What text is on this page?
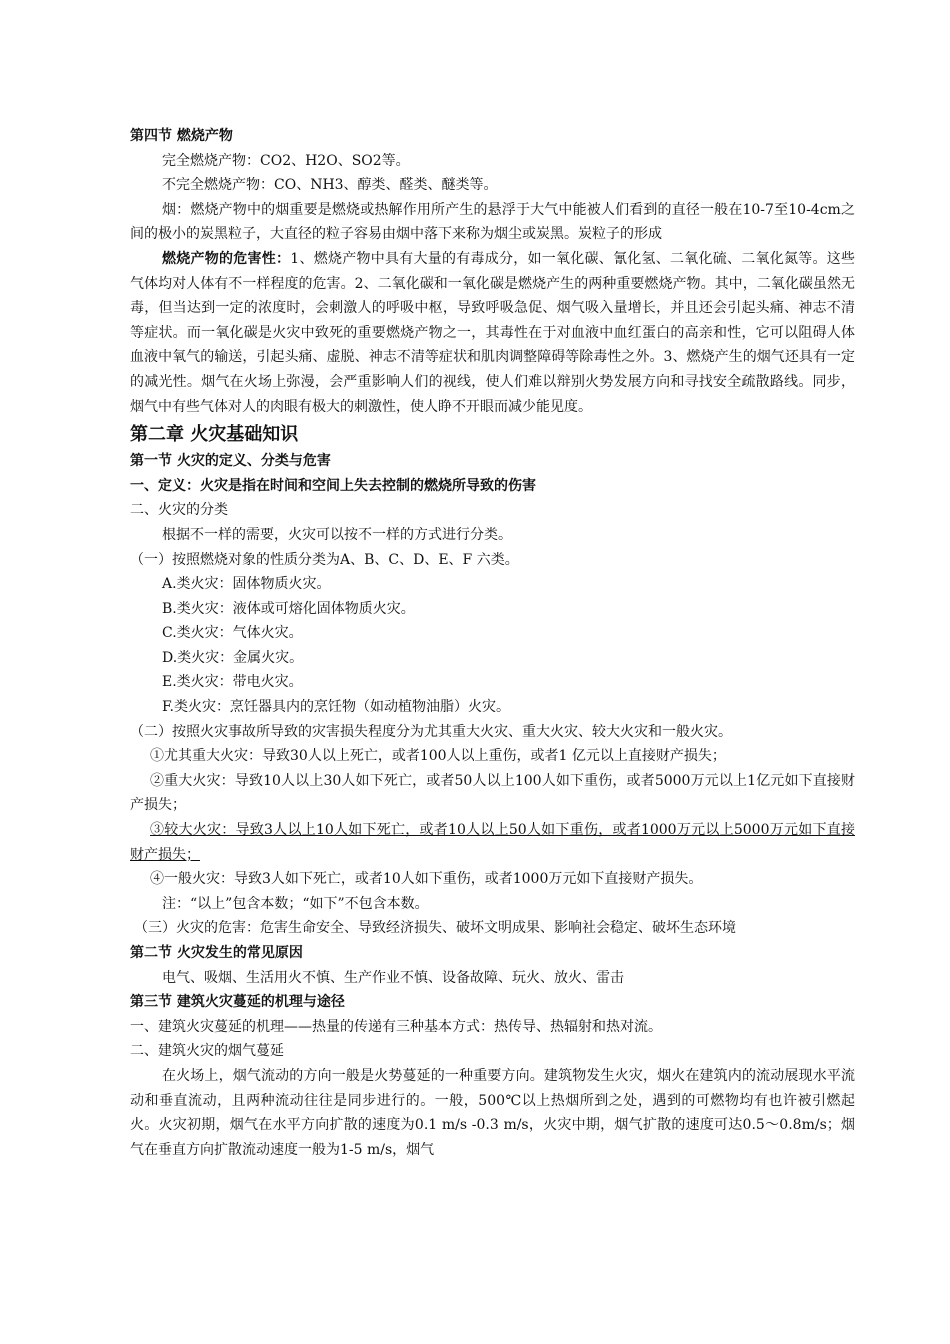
第四节 燃烧产物
完全燃烧产物：CO2、H2O、SO2等。
不完全燃烧产物：CO、NH3、醇类、醛类、醚类等。

烟：燃烧产物中的烟重要是燃烧或热解作用所产生的悬浮于大气中能被人们看到的直径一般在10-7至10-4cm之间的极小的炭黑粒子，大直径的粒子容易由烟中落下来称为烟尘或炭黑。炭粒子的形成

燃烧产物的危害性：1、燃烧产物中具有大量的有毒成分，如一氧化碳、氰化氢、二氧化硫、二氧化氮等。这些气体均对人体有不一样程度的危害。2、二氧化碳和一氧化碳是燃烧产生的两种重要燃烧产物。其中，二氧化碳虽然无毒，但当达到一定的浓度时，会刺激人的呼吸中枢，导致呼吸急促、烟气吸入量增长，并且还会引起头痛、神志不清等症状。而一氧化碳是火灾中致死的重要燃烧产物之一，其毒性在于对血液中血红蛋白的高亲和性，它可以阻碍人体血液中氧气的输送，引起头痛、虚脱、神志不清等症状和肌肉调整障碍等除毒性之外。3、燃烧产生的烟气还具有一定的减光性。烟气在火场上弥漫，会严重影响人们的视线，使人们难以辩别火势发展方向和寻找安全疏散路线。同步，烟气中有些气体对人的肉眼有极大的刺激性，使人睁不开眼而减少能见度。

第二章 火灾基础知识
第一节 火灾的定义、分类与危害
一、定义：火灾是指在时间和空间上失去控制的燃烧所导致的伤害
二、火灾的分类
根据不一样的需要，火灾可以按不一样的方式进行分类。
（一）按照燃烧对象的性质分类为A、B、C、D、E、F 六类。
A.类火灾：固体物质火灾。
B.类火灾：液体或可熔化固体物质火灾。
C.类火灾：气体火灾。
D.类火灾：金属火灾。
E.类火灾：带电火灾。
F.类火灾：烹饪器具内的烹饪物（如动植物油脂）火灾。
（二）按照火灾事故所导致的灾害损失程度分为尤其重大火灾、重大火灾、较大火灾和一般火灾。
①尤其重大火灾：导致30人以上死亡，或者100人以上重伤，或者1 亿元以上直接财产损失；

②重大火灾：导致10人以上30人如下死亡，或者50人以上100人如下重伤，或者5000万元以上1亿元如下直接财产损失；

③较大火灾：导致3人以上10人如下死亡，或者10人以上50人如下重伤，或者1000万元以上5000万元如下直接财产损失；

④一般火灾：导致3人如下死亡，或者10人如下重伤，或者1000万元如下直接财产损失。
注：“以上”包含本数；“如下”不包含本数。
（三）火灾的危害：危害生命安全、导致经济损失、破坏文明成果、影响社会稳定、破坏生态环境
第二节 火灾发生的常见原因
电气、吸烟、生活用火不慎、生产作业不慎、设备故障、玩火、放火、雷击
第三节 建筑火灾蔓延的机理与途径
一、建筑火灾蔓延的机理——热量的传递有三种基本方式：热传导、热辐射和热对流。
二、建筑火灾的烟气蔓延

在火场上，烟气流动的方向一般是火势蔓延的一种重要方向。建筑物发生火灾，烟火在建筑内的流动展现水平流动和垂直流动，且两种流动往往是同步进行的。一般，500℃以上热烟所到之处，遇到的可燃物均有也许被引燃起火。火灾初期，烟气在水平方向扩散的速度为0.1 m/s -0.3 m/s，火灾中期，烟气扩散的速度可达0.5～0.8m/s；烟气在垂直方向扩散流动速度一般为1-5 m/s，烟气
